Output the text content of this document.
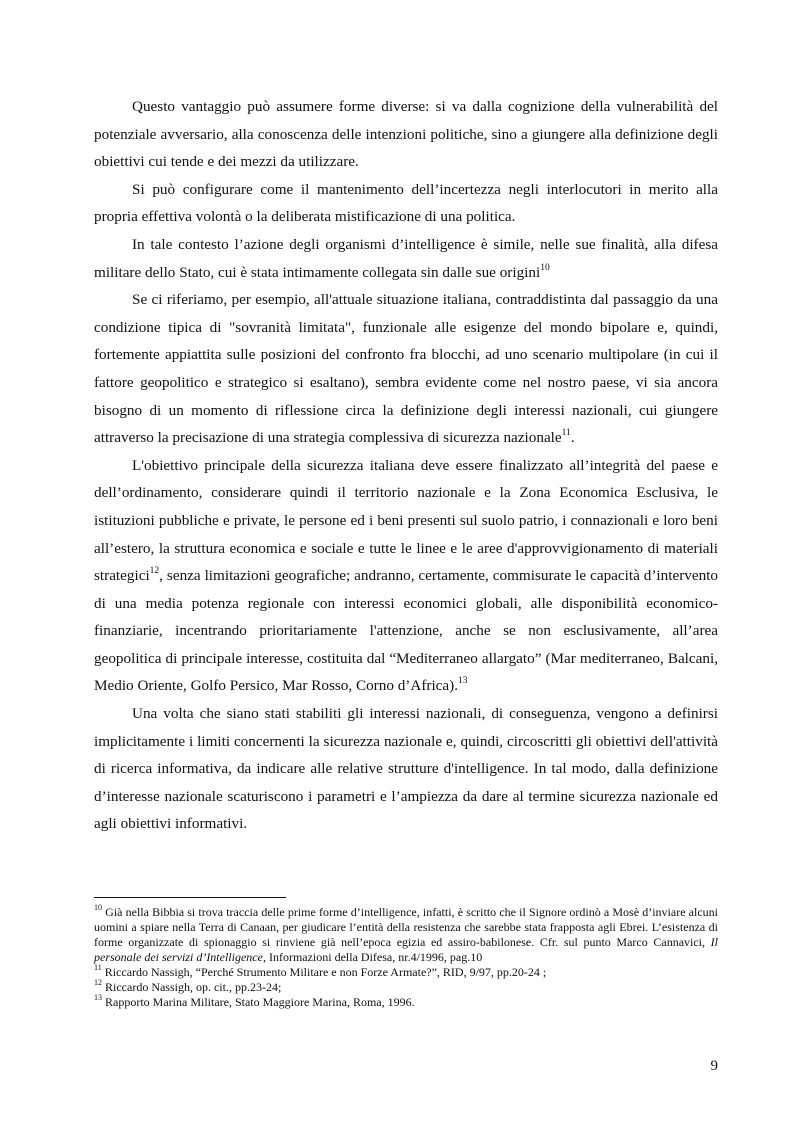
Questo vantaggio può assumere forme diverse: si va dalla cognizione della vulnerabilità del potenziale avversario, alla conoscenza delle intenzioni politiche, sino a giungere alla definizione degli obiettivi cui tende e dei mezzi da utilizzare.

Si può configurare come il mantenimento dell’incertezza negli interlocutori in merito alla propria effettiva volontà o la deliberata mistificazione di una politica.

In tale contesto l’azione degli organismi d’intelligence è simile, nelle sue finalità, alla difesa militare dello Stato, cui è stata intimamente collegata sin dalle sue origini$^{10}$

Se ci riferiamo, per esempio, all'attuale situazione italiana, contraddistinta dal passaggio da una condizione tipica di "sovranità limitata", funzionale alle esigenze del mondo bipolare e, quindi, fortemente appiattita sulle posizioni del confronto fra blocchi, ad uno scenario multipolare (in cui il fattore geopolitico e strategico si esaltano), sembra evidente come nel nostro paese, vi sia ancora bisogno di un momento di riflessione circa la definizione degli interessi nazionali, cui giungere attraverso la precisazione di una strategia complessiva di sicurezza nazionale$^{11}$.

L'obiettivo principale della sicurezza italiana deve essere finalizzato all’integrità del paese e dell’ordinamento, considerare quindi il territorio nazionale e la Zona Economica Esclusiva, le istituzioni pubbliche e private, le persone ed i beni presenti sul suolo patrio, i connazionali e loro beni all’estero, la struttura economica e sociale e tutte le linee e le aree d'approvvigionamento di materiali strategici$^{12}$, senza limitazioni geografiche; andranno, certamente, commisurate le capacità d’intervento di una media potenza regionale con interessi economici globali, alle disponibilità economico-finanziarie, incentrando prioritariamente l'attenzione, anche se non esclusivamente, all’area geopolitica di principale interesse, costituita dal “Mediterraneo allargato” (Mar mediterraneo, Balcani, Medio Oriente, Golfo Persico, Mar Rosso, Corno d’Africa).$^{13}$

Una volta che siano stati stabiliti gli interessi nazionali, di conseguenza, vengono a definirsi implicitamente i limiti concernenti la sicurezza nazionale e, quindi, circoscritti gli obiettivi dell'attività di ricerca informativa, da indicare alle relative strutture d'intelligence. In tal modo, dalla definizione d’interesse nazionale scaturiscono i parametri e l’ampiezza da dare al termine sicurezza nazionale ed agli obiettivi informativi.

$^{10}$ Già nella Bibbia si trova traccia delle prime forme d’intelligence, infatti, è scritto che il Signore ordinò a Mosè d’inviare alcuni uomini a spiare nella Terra di Canaan, per giudicare l’entità della resistenza che sarebbe stata frapposta agli Ebrei. L’esistenza di forme organizzate di spionaggio si rinviene già nell’epoca egizia ed assiro-babilonese. Cfr. sul punto Marco Cannavici, Il personale dei servizi d’Intelligence, Informazioni della Difesa, nr.4/1996, pag.10

$^{11}$ Riccardo Nassigh, “Perché Strumento Militare e non Forze Armate?”, RID, 9/97, pp.20-24 ;

$^{12}$ Riccardo Nassigh, op. cit., pp.23-24;

$^{13}$ Rapporto Marina Militare, Stato Maggiore Marina, Roma, 1996.

9
